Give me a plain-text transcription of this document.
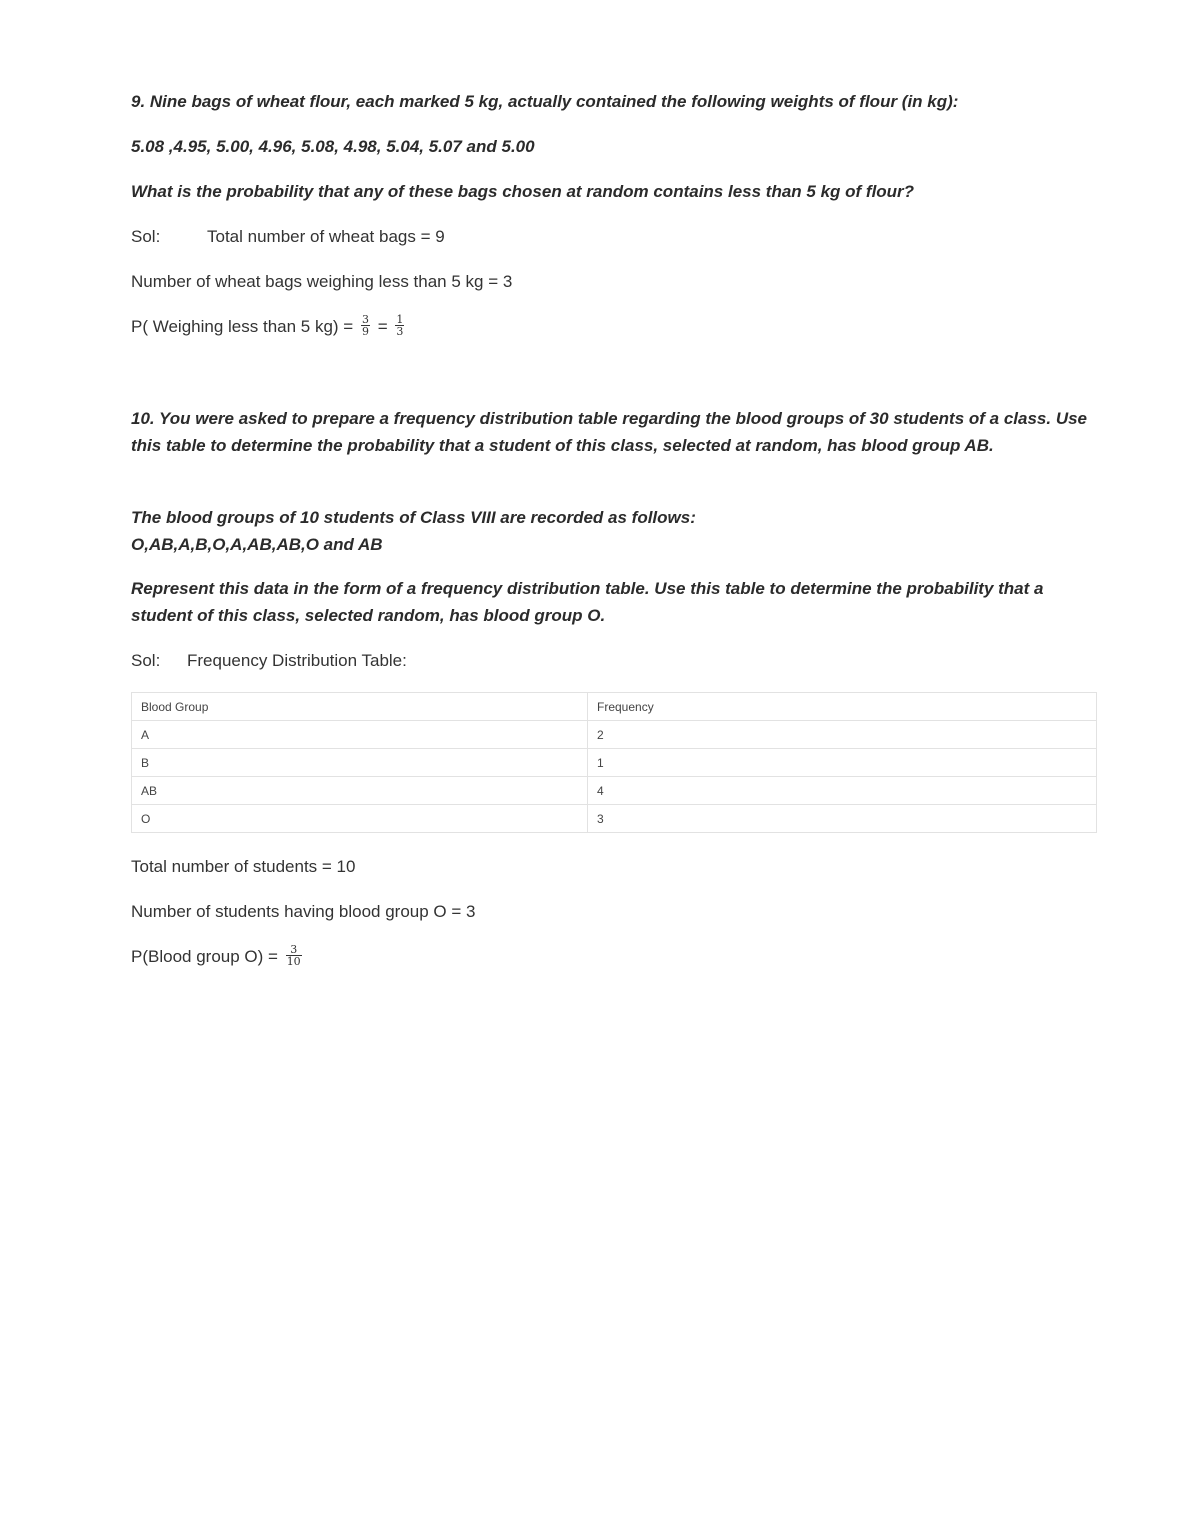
9. Nine bags of wheat flour, each marked 5 kg, actually contained the following weights of flour (in kg):

5.08 ,4.95, 5.00, 4.96, 5.08, 4.98, 5.04, 5.07 and 5.00

What is the probability that any of these bags chosen at random contains less than 5 kg of flour?

Sol:	Total number of wheat bags = 9

Number of wheat bags weighing less than 5 kg = 3

P( Weighing less than 5 $kg) = \frac{3}{9} = \frac{1}{3}$

10. You were asked to prepare a frequency distribution table regarding the blood groups of 30 students of a class. Use this table to determine the probability that a student of this class, selected at random, has blood group AB.

The blood groups of 10 students of Class VIII are recorded as follows:

O,AB,A,B,O,A,AB,AB,O and AB

Represent this data in the form of a frequency distribution table. Use this table to determine the probability that a student of this class, selected random, has blood group O.

Sol: Frequency Distribution Table:

Blood Group	Frequency
A	2
B	1
AB	4
O	3

Total number of students = 10

Number of students having blood group O = 3

P(Blood group $O) = \frac{3}{10}$
